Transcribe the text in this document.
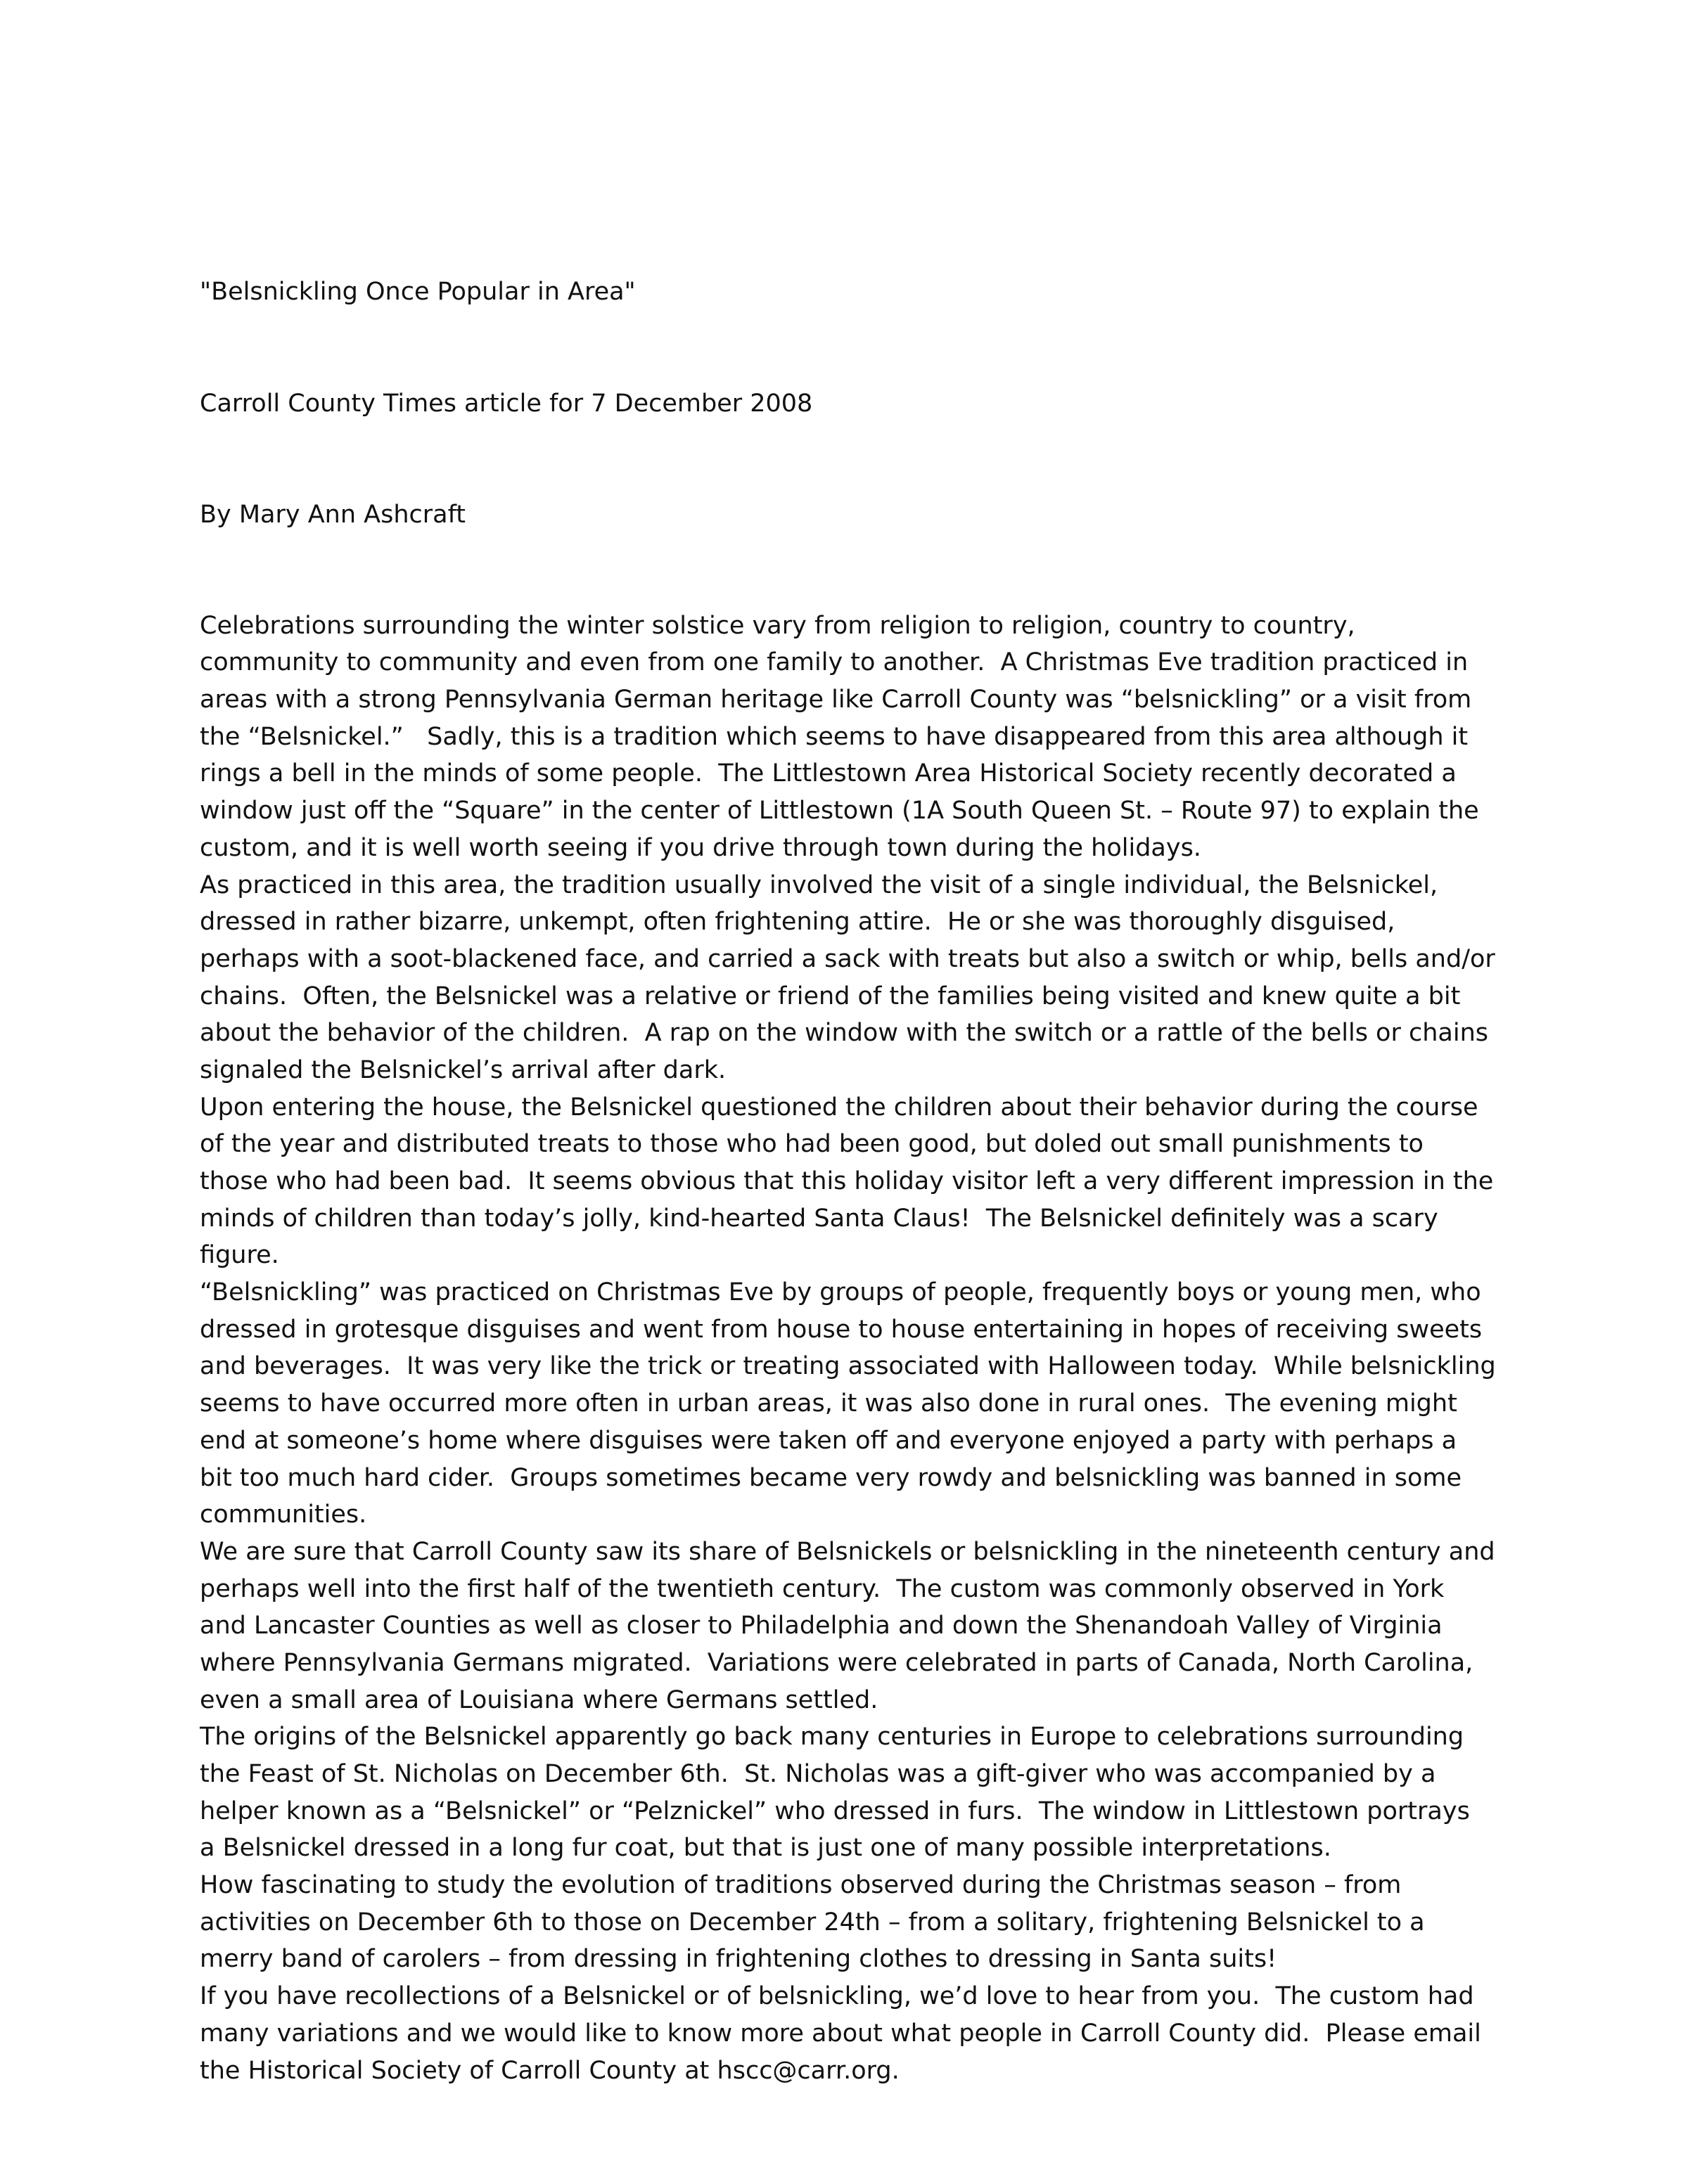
"Belsnickling Once Popular in Area"

Carroll County Times article for 7 December 2008

By Mary Ann Ashcraft

Celebrations surrounding the winter solstice vary from religion to religion, country to country,
community to community and even from one family to another.  A Christmas Eve tradition practiced in
areas with a strong Pennsylvania German heritage like Carroll County was “belsnickling” or a visit from
the “Belsnickel.”   Sadly, this is a tradition which seems to have disappeared from this area although it
rings a bell in the minds of some people.  The Littlestown Area Historical Society recently decorated a
window just off the “Square” in the center of Littlestown (1A South Queen St. – Route 97) to explain the
custom, and it is well worth seeing if you drive through town during the holidays.
As practiced in this area, the tradition usually involved the visit of a single individual, the Belsnickel,
dressed in rather bizarre, unkempt, often frightening attire.  He or she was thoroughly disguised,
perhaps with a soot-blackened face, and carried a sack with treats but also a switch or whip, bells and/or
chains.  Often, the Belsnickel was a relative or friend of the families being visited and knew quite a bit
about the behavior of the children.  A rap on the window with the switch or a rattle of the bells or chains
signaled the Belsnickel’s arrival after dark.
Upon entering the house, the Belsnickel questioned the children about their behavior during the course
of the year and distributed treats to those who had been good, but doled out small punishments to
those who had been bad.  It seems obvious that this holiday visitor left a very different impression in the
minds of children than today’s jolly, kind-hearted Santa Claus!  The Belsnickel definitely was a scary
figure.
“Belsnickling” was practiced on Christmas Eve by groups of people, frequently boys or young men, who
dressed in grotesque disguises and went from house to house entertaining in hopes of receiving sweets
and beverages.  It was very like the trick or treating associated with Halloween today.  While belsnickling
seems to have occurred more often in urban areas, it was also done in rural ones.  The evening might
end at someone’s home where disguises were taken off and everyone enjoyed a party with perhaps a
bit too much hard cider.  Groups sometimes became very rowdy and belsnickling was banned in some
communities.
We are sure that Carroll County saw its share of Belsnickels or belsnickling in the nineteenth century and
perhaps well into the first half of the twentieth century.  The custom was commonly observed in York
and Lancaster Counties as well as closer to Philadelphia and down the Shenandoah Valley of Virginia
where Pennsylvania Germans migrated.  Variations were celebrated in parts of Canada, North Carolina,
even a small area of Louisiana where Germans settled.
The origins of the Belsnickel apparently go back many centuries in Europe to celebrations surrounding
the Feast of St. Nicholas on December 6th.  St. Nicholas was a gift-giver who was accompanied by a
helper known as a “Belsnickel” or “Pelznickel” who dressed in furs.  The window in Littlestown portrays
a Belsnickel dressed in a long fur coat, but that is just one of many possible interpretations.
How fascinating to study the evolution of traditions observed during the Christmas season – from
activities on December 6th to those on December 24th – from a solitary, frightening Belsnickel to a
merry band of carolers – from dressing in frightening clothes to dressing in Santa suits!
If you have recollections of a Belsnickel or of belsnickling, we’d love to hear from you.  The custom had
many variations and we would like to know more about what people in Carroll County did.  Please email
the Historical Society of Carroll County at hscc@carr.org.
